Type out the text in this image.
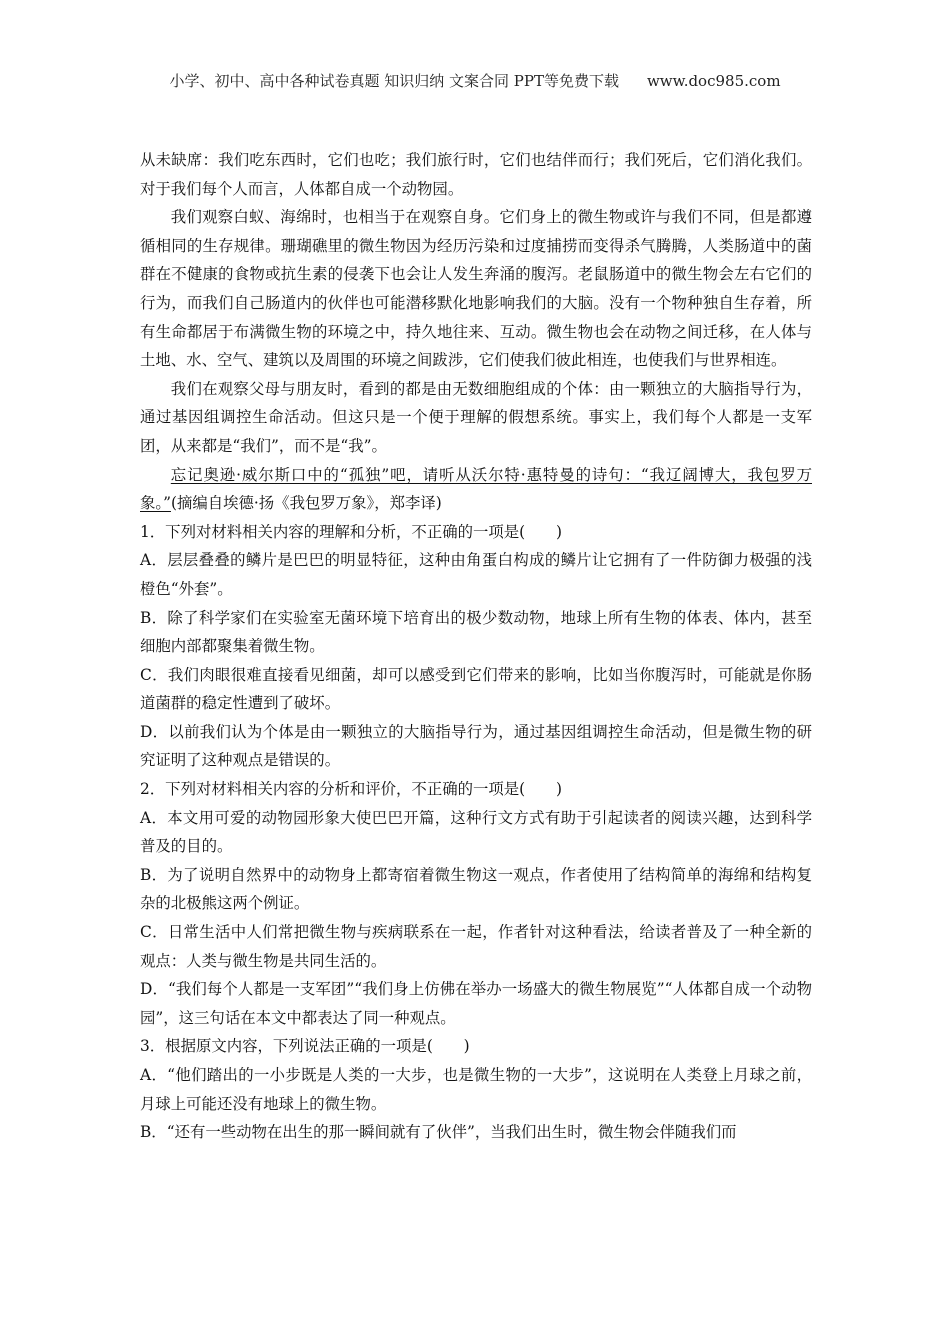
小学、初中、高中各种试卷真题 知识归纳 文案合同 PPT等免费下载 www.doc985.com

从未缺席：我们吃东西时，它们也吃；我们旅行时，它们也结伴而行；我们死后，它们消化我们。对于我们每个人而言，人体都自成一个动物园。

我们观察白蚁、海绵时，也相当于在观察自身。它们身上的微生物或许与我们不同，但是都遵循相同的生存规律。珊瑚礁里的微生物因为经历污染和过度捕捞而变得杀气腾腾，人类肠道中的菌群在不健康的食物或抗生素的侵袭下也会让人发生奔涌的腹泻。老鼠肠道中的微生物会左右它们的行为，而我们自己肠道内的伙伴也可能潜移默化地影响我们的大脑。没有一个物种独自生存着，所有生命都居于布满微生物的环境之中，持久地往来、互动。微生物也会在动物之间迁移，在人体与土地、水、空气、建筑以及周围的环境之间跋涉，它们使我们彼此相连，也使我们与世界相连。

我们在观察父母与朋友时，看到的都是由无数细胞组成的个体：由一颗独立的大脑指导行为，通过基因组调控生命活动。但这只是一个便于理解的假想系统。事实上，我们每个人都是一支军团，从来都是“我们”，而不是“我”。

忘记奥逊·威尔斯口中的“孤独”吧，请听从沃尔特·惠特曼的诗句：“我辽阔博大，我包罗万象。”(摘编自埃德·扬《我包罗万象》，郑李译)

1．下列对材料相关内容的理解和分析，不正确的一项是(　　)

A．层层叠叠的鳞片是巴巴的明显特征，这种由角蛋白构成的鳞片让它拥有了一件防御力极强的浅橙色“外套”。

B．除了科学家们在实验室无菌环境下培育出的极少数动物，地球上所有生物的体表、体内，甚至细胞内部都聚集着微生物。

C．我们肉眼很难直接看见细菌，却可以感受到它们带来的影响，比如当你腹泻时，可能就是你肠道菌群的稳定性遭到了破坏。

D．以前我们认为个体是由一颗独立的大脑指导行为，通过基因组调控生命活动，但是微生物的研究证明了这种观点是错误的。

2．下列对材料相关内容的分析和评价，不正确的一项是(　　)

A．本文用可爱的动物园形象大使巴巴开篇，这种行文方式有助于引起读者的阅读兴趣，达到科学普及的目的。

B．为了说明自然界中的动物身上都寄宿着微生物这一观点，作者使用了结构简单的海绵和结构复杂的北极熊这两个例证。

C．日常生活中人们常把微生物与疾病联系在一起，作者针对这种看法，给读者普及了一种全新的观点：人类与微生物是共同生活的。

D．“我们每个人都是一支军团”“我们身上仿佛在举办一场盛大的微生物展览”“人体都自成一个动物园”，这三句话在本文中都表达了同一种观点。

3．根据原文内容，下列说法正确的一项是(　　)

A．“他们踏出的一小步既是人类的一大步，也是微生物的一大步”，这说明在人类登上月球之前，月球上可能还没有地球上的微生物。

B．“还有一些动物在出生的那一瞬间就有了伙伴”，当我们出生时，微生物会伴随我们而
